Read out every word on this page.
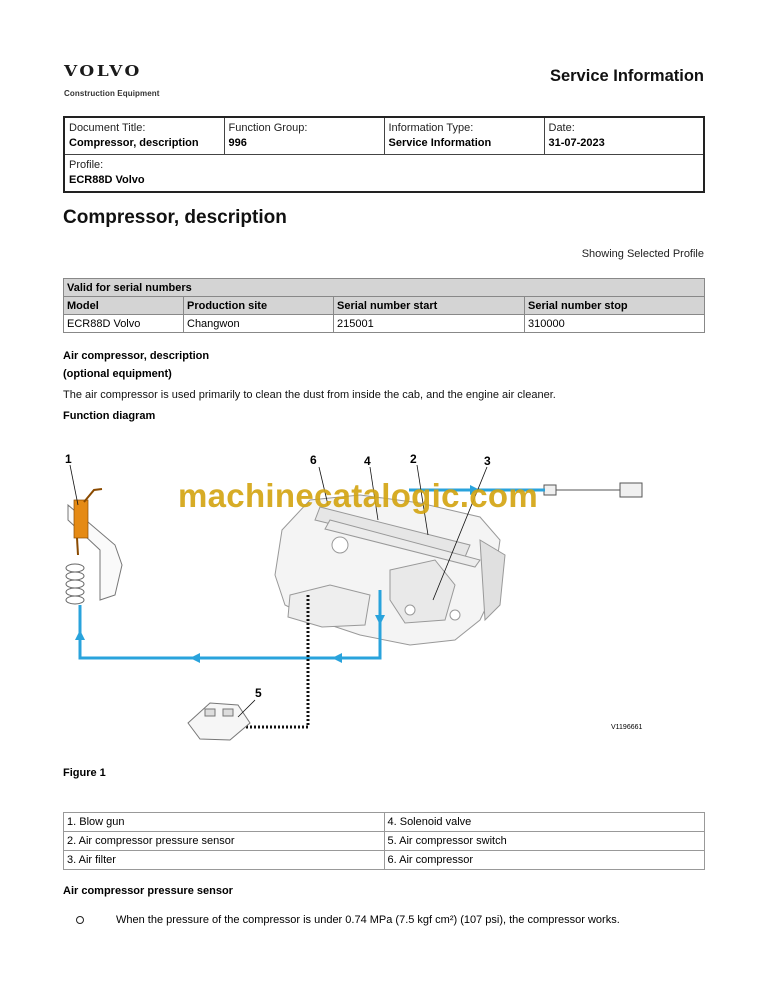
VOLVO
Construction Equipment
Service Information
Document Title:
Compressor, description

Function Group:
996

Information Type:
Service Information

Date:
31-07-2023

Profile:
ECR88D Volvo
Compressor, description
Showing Selected Profile
Valid for serial numbers			
Model	Production site	Serial number start	Serial number stop
ECR88D Volvo	Changwon	215001	310000
Air compressor, description
(optional equipment)
The air compressor is used primarily to clean the dust from inside the cab, and the engine air cleaner.
Function diagram
machinecatalogic.com
1	2	3
4
5
6
V1196661
Figure 1
1. Blow gun	4. Solenoid valve
2. Air compressor pressure sensor	5. Air compressor switch
3. Air filter	6. Air compressor
Air compressor pressure sensor
When the pressure of the compressor is under 0.74 MPa (7.5 kgf cm²) (107 psi), the compressor works.
